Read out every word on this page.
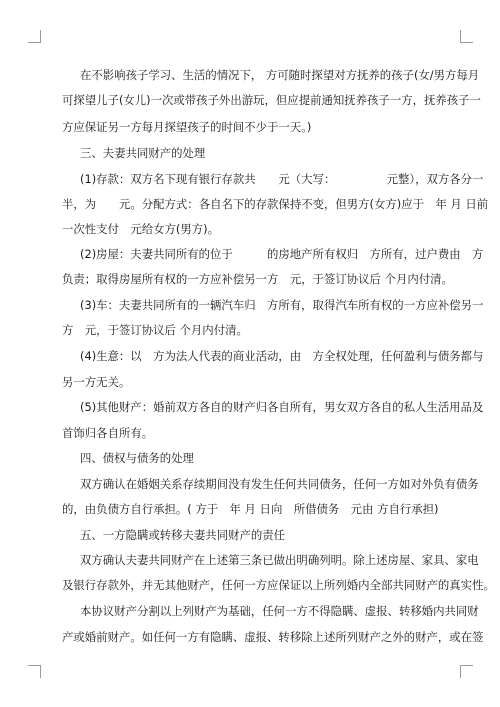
在不影响孩子学习、生活的情况下， 方可随时探望对方抚养的孩子(女/男方每月
可探望儿子(女儿)一次或带孩子外出游玩，但应提前通知抚养孩子一方，抚养孩子一
方应保证另一方每月探望孩子的时间不少于一天。)
三、夫妻共同财产的处理
(1)存款：双方名下现有银行存款共　　元（大写：　　　　　元整），双方各分一
半，为　　元。分配方式：各自名下的存款保持不变，但男方(女方)应于　年 月 日前
一次性支付　元给女方(男方)。
(2)房屋：夫妻共同所有的位于　　　的房地产所有权归　方所有，过户费由　方
负责；取得房屋所有权的一方应补偿另一方　元，于签订协议后 个月内付清。
(3)车：夫妻共同所有的一辆汽车归　方所有，取得汽车所有权的一方应补偿另一
方　元，于签订协议后 个月内付清。
(4)生意：以　方为法人代表的商业活动，由　方全权处理，任何盈利与债务都与
另一方无关。
(5)其他财产：婚前双方各自的财产归各自所有，男女双方各自的私人生活用品及
首饰归各自所有。
四、债权与债务的处理
双方确认在婚姻关系存续期间没有发生任何共同债务，任何一方如对外负有债务
的，由负债方自行承担。( 方于　年 月 日向　所借债务　元由 方自行承担)
五、一方隐瞒或转移夫妻共同财产的责任
双方确认夫妻共同财产在上述第三条已做出明确列明。除上述房屋、家具、家电
及银行存款外，并无其他财产，任何一方应保证以上所列婚内全部共同财产的真实性。
本协议财产分割以上列财产为基础，任何一方不得隐瞒、虚报、转移婚内共同财
产或婚前财产。如任何一方有隐瞒、虚报、转移除上述所列财产之外的财产，或在签
